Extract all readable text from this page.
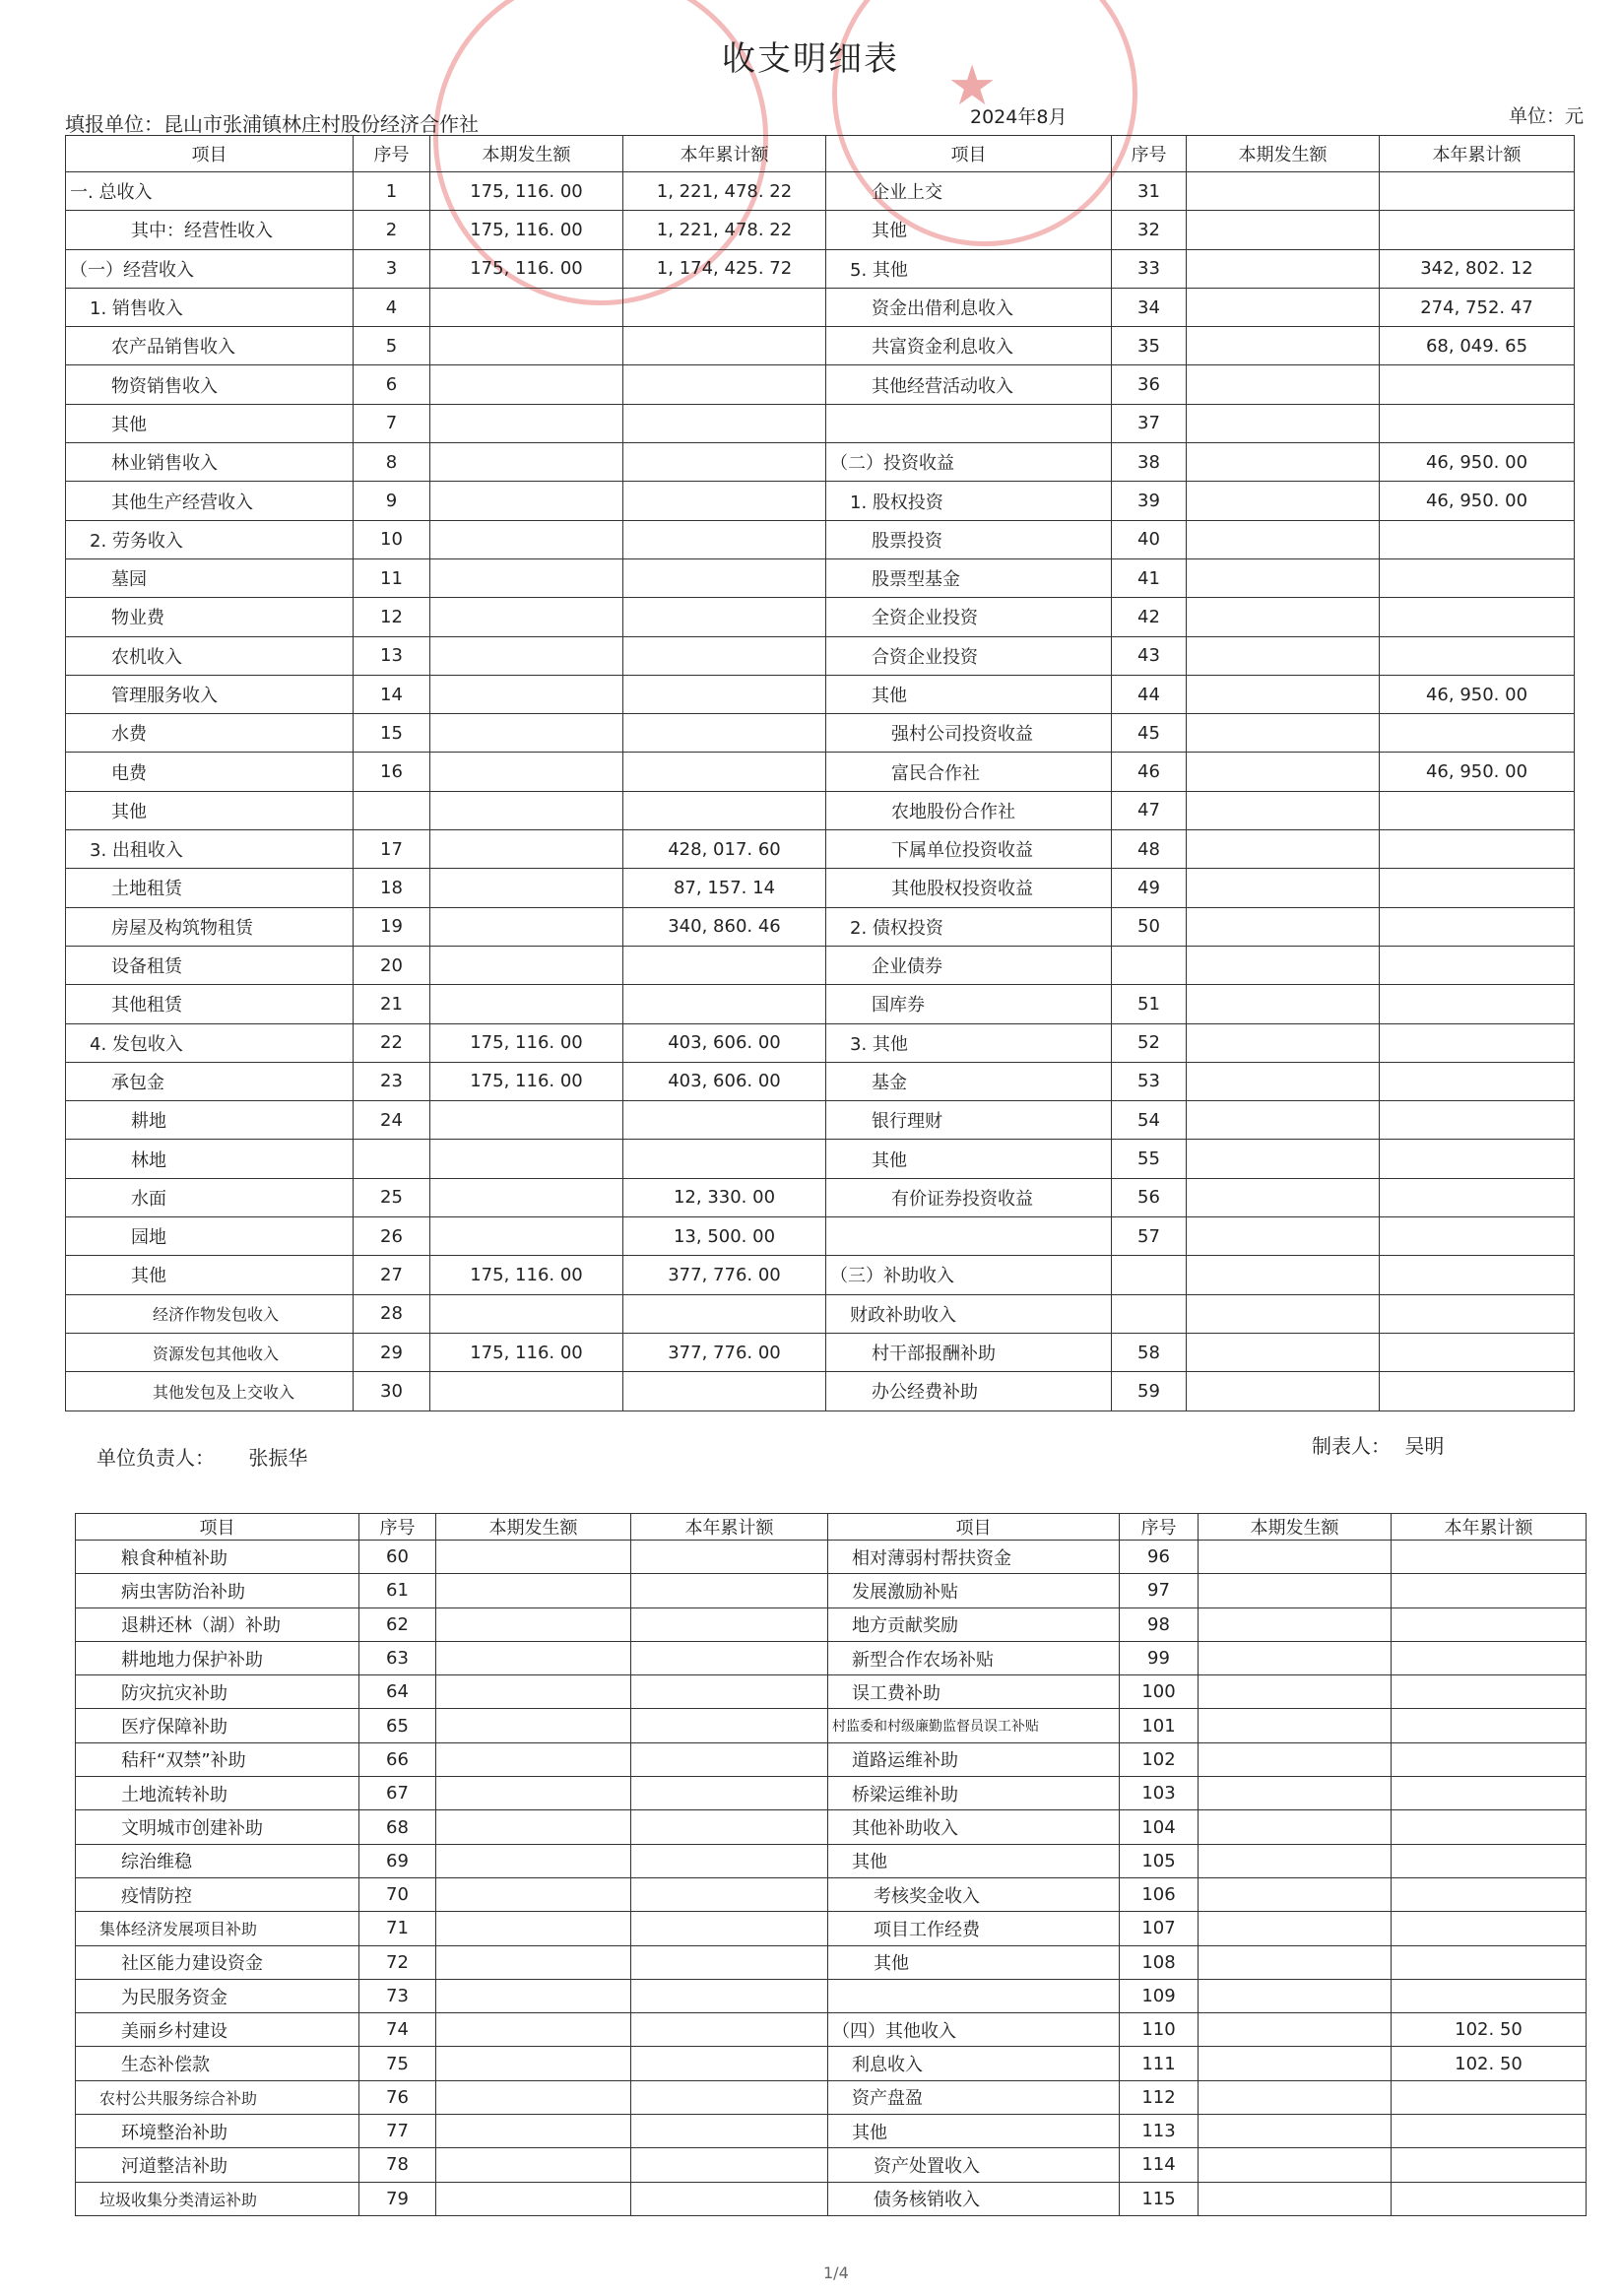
★
收支明细表
填报单位：昆山市张浦镇林庄村股份经济合作社	2024年8月	单位：元
项目	序号	本期发生额	本年累计额	项目	序号	本期发生额	本年累计额
一. 总收入	1	175, 116. 00	1, 221, 478. 22	企业上交	31		
其中：经营性收入	2	175, 116. 00	1, 221, 478. 22	其他	32		
（一）经营收入	3	175, 116. 00	1, 174, 425. 72	5. 其他	33		342, 802. 12
1. 销售收入	4			资金出借利息收入	34		274, 752. 47
农产品销售收入	5			共富资金利息收入	35		68, 049. 65
物资销售收入	6			其他经营活动收入	36		
其他	7				37		
林业销售收入	8			（二）投资收益	38		46, 950. 00
其他生产经营收入	9			1. 股权投资	39		46, 950. 00
2. 劳务收入	10			股票投资	40		
墓园	11			股票型基金	41		
物业费	12			全资企业投资	42		
农机收入	13			合资企业投资	43		
管理服务收入	14			其他	44		46, 950. 00
水费	15			强村公司投资收益	45		
电费	16			富民合作社	46		46, 950. 00
其他				农地股份合作社	47		
3. 出租收入	17		428, 017. 60	下属单位投资收益	48		
土地租赁	18		87, 157. 14	其他股权投资收益	49		
房屋及构筑物租赁	19		340, 860. 46	2. 债权投资	50		
设备租赁	20			企业债券			
其他租赁	21			国库券	51		
4. 发包收入	22	175, 116. 00	403, 606. 00	3. 其他	52		
承包金	23	175, 116. 00	403, 606. 00	基金	53		
耕地	24			银行理财	54		
林地				其他	55		
水面	25		12, 330. 00	有价证券投资收益	56		
园地	26		13, 500. 00		57		
其他	27	175, 116. 00	377, 776. 00	（三）补助收入			
经济作物发包收入	28			财政补助收入			
资源发包其他收入	29	175, 116. 00	377, 776. 00	村干部报酬补助	58		
其他发包及上交收入	30			办公经费补助	59		
单位负责人： 张振华	制表人： 吴明
项目	序号	本期发生额	本年累计额	项目	序号	本期发生额	本年累计额
粮食种植补助	60			相对薄弱村帮扶资金	96		
病虫害防治补助	61			发展激励补贴	97		
退耕还林（湖）补助	62			地方贡献奖励	98		
耕地地力保护补助	63			新型合作农场补贴	99		
防灾抗灾补助	64			误工费补助	100		
医疗保障补助	65			村监委和村级廉勤监督员误工补贴	101		
秸秆“双禁”补助	66			道路运维补助	102		
土地流转补助	67			桥梁运维补助	103		
文明城市创建补助	68			其他补助收入	104		
综治维稳	69			其他	105		
疫情防控	70			考核奖金收入	106		
集体经济发展项目补助	71			项目工作经费	107		
社区能力建设资金	72			其他	108		
为民服务资金	73				109		
美丽乡村建设	74			（四）其他收入	110		102. 50
生态补偿款	75			利息收入	111		102. 50
农村公共服务综合补助	76			资产盘盈	112		
环境整治补助	77			其他	113		
河道整洁补助	78			资产处置收入	114		
垃圾收集分类清运补助	79			债务核销收入	115		
1/4
